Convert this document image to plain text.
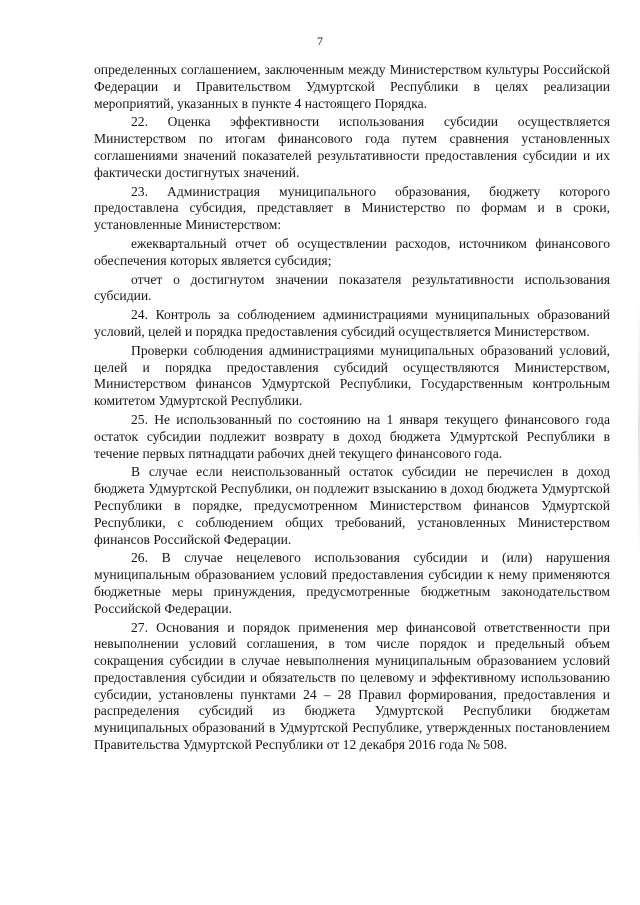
7

определенных соглашением, заключенным между Министерством культуры Российской Федерации и Правительством Удмуртской Республики в целях реализации мероприятий, указанных в пункте 4 настоящего Порядка.

22. Оценка эффективности использования субсидии осуществляется Министерством по итогам финансового года путем сравнения установленных соглашениями значений показателей результативности предоставления субсидии и их фактически достигнутых значений.

23. Администрация муниципального образования, бюджету которого предоставлена субсидия, представляет в Министерство по формам и в сроки, установленные Министерством:

ежеквартальный отчет об осуществлении расходов, источником финансового обеспечения которых является субсидия;

отчет о достигнутом значении показателя результативности использования субсидии.

24. Контроль за соблюдением администрациями муниципальных образований условий, целей и порядка предоставления субсидий осуществляется Министерством.

Проверки соблюдения администрациями муниципальных образований условий, целей и порядка предоставления субсидий осуществляются Министерством, Министерством финансов Удмуртской Республики, Государственным контрольным комитетом Удмуртской Республики.

25. Не использованный по состоянию на 1 января текущего финансового года остаток субсидии подлежит возврату в доход бюджета Удмуртской Республики в течение первых пятнадцати рабочих дней текущего финансового года.

В случае если неиспользованный остаток субсидии не перечислен в доход бюджета Удмуртской Республики, он подлежит взысканию в доход бюджета Удмуртской Республики в порядке, предусмотренном Министерством финансов Удмуртской Республики, с соблюдением общих требований, установленных Министерством финансов Российской Федерации.

26. В случае нецелевого использования субсидии и (или) нарушения муниципальным образованием условий предоставления субсидии к нему применяются бюджетные меры принуждения, предусмотренные бюджетным законодательством Российской Федерации.

27. Основания и порядок применения мер финансовой ответственности при невыполнении условий соглашения, в том числе порядок и предельный объем сокращения субсидии в случае невыполнения муниципальным образованием условий предоставления субсидии и обязательств по целевому и эффективному использованию субсидии, установлены пунктами 24 – 28 Правил формирования, предоставления и распределения субсидий из бюджета Удмуртской Республики бюджетам муниципальных образований в Удмуртской Республике, утвержденных постановлением Правительства Удмуртской Республики от 12 декабря 2016 года № 508.
